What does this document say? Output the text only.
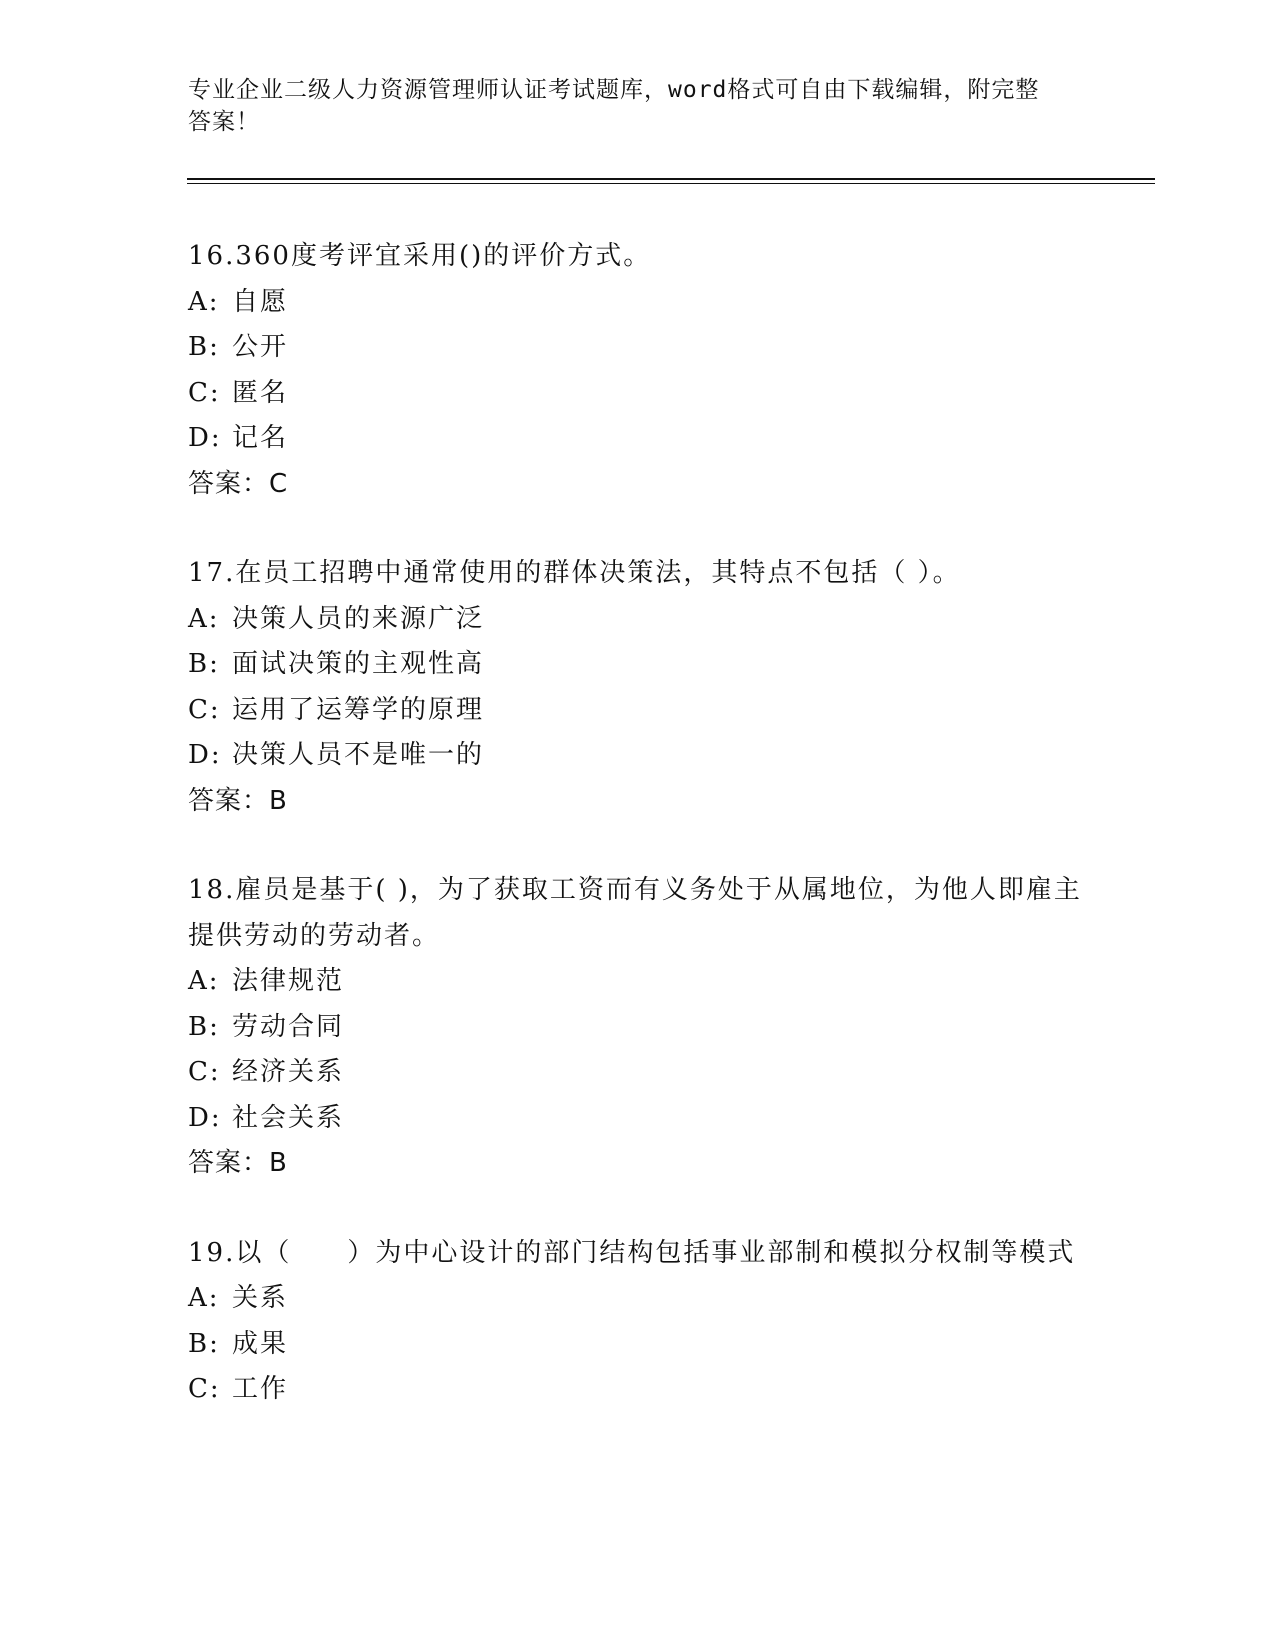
专业企业二级人力资源管理师认证考试题库，word格式可自由下载编辑，附完整
答案！

16.360度考评宜采用()的评价方式。

A: 自愿

B: 公开

C: 匿名

D: 记名

答案：C

17.在员工招聘中通常使用的群体决策法，其特点不包括（ ）。

A: 决策人员的来源广泛

B: 面试决策的主观性高

C: 运用了运筹学的原理

D: 决策人员不是唯一的

答案：B

18.雇员是基于( )，为了获取工资而有义务处于从属地位，为他人即雇主提供劳动的劳动者。

A: 法律规范

B: 劳动合同

C: 经济关系

D: 社会关系

答案：B

19.以（　　）为中心设计的部门结构包括事业部制和模拟分权制等模式

A: 关系

B: 成果

C: 工作
